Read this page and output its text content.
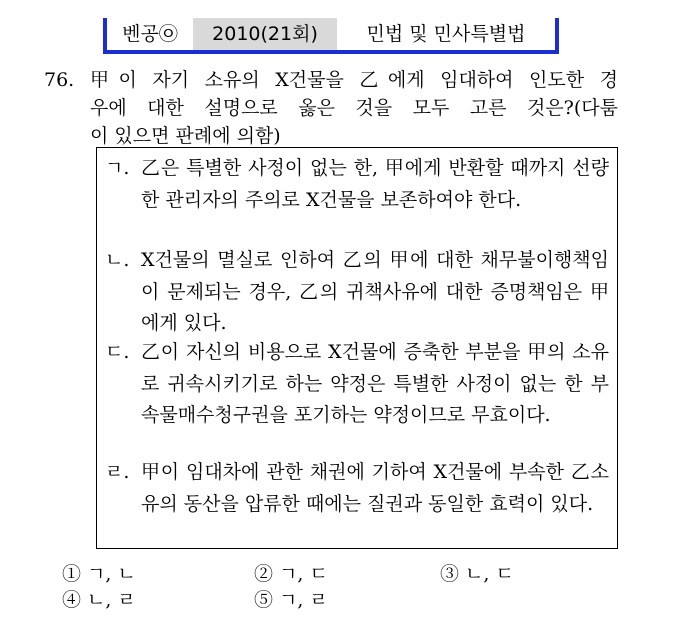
벤공㉧	2010(21회)	민법 및 민사특별법
76. 甲이 자기 소유의 X건물을 乙에게 임대하여 인도한 경
우에 대한 설명으로 옳은 것을 모두 고른 것은?(다툼
이 있으면 판례에 의함)
ㄱ. 乙은 특별한 사정이 없는 한, 甲에게 반환할 때까지 선량한 관리자의 주의로 X건물을 보존하여야 한다.
ㄴ. X건물의 멸실로 인하여 乙의 甲에 대한 채무불이행책임이 문제되는 경우, 乙의 귀책사유에 대한 증명책임은 甲에게 있다.
ㄷ. 乙이 자신의 비용으로 X건물에 증축한 부분을 甲의 소유로 귀속시키기로 하는 약정은 특별한 사정이 없는 한 부속물매수청구권을 포기하는 약정이므로 무효이다.
ㄹ. 甲이 임대차에 관한 채권에 기하여 X건물에 부속한 乙소유의 동산을 압류한 때에는 질권과 동일한 효력이 있다.
① ㄱ, ㄴ	② ㄱ, ㄷ	③ ㄴ, ㄷ
④ ㄴ, ㄹ	⑤ ㄱ, ㄹ
